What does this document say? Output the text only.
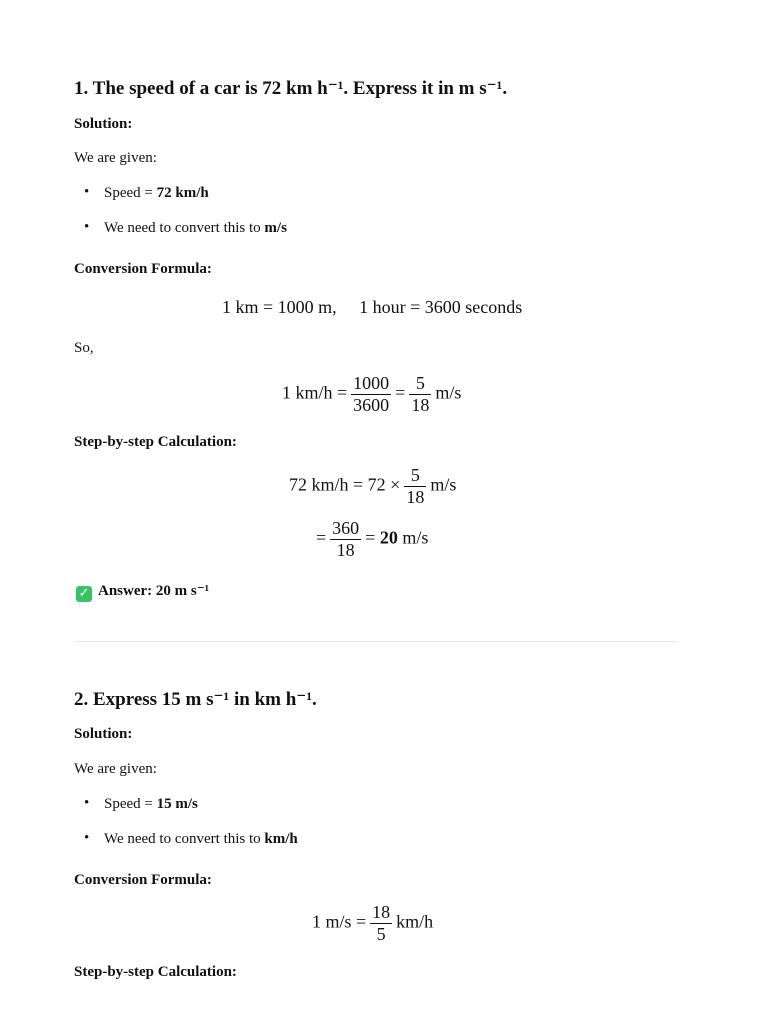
1. The speed of a car is 72 km h⁻¹. Express it in m s⁻¹.
Solution:
We are given:
• Speed = 72 km/h
• We need to convert this to m/s
Conversion Formula:
1 km = 1000 m,  1 hour = 3600 seconds
So,
1 $km/h = \frac{1000}{3600} = \frac{5}{18} m/s$
Step-by-step Calculation:
72 $km/h = 72 \times \frac{5}{18} m/s$
= $\frac{360}{18} = 20$ m/s
✓ Answer: 20 m s⁻¹
2. Express 15 m s⁻¹ in km h⁻¹.
Solution:
We are given:
• Speed = 15 m/s
• We need to convert this to km/h
Conversion Formula:
1 $m/s = \frac{18}{5} km/h$
Step-by-step Calculation:
